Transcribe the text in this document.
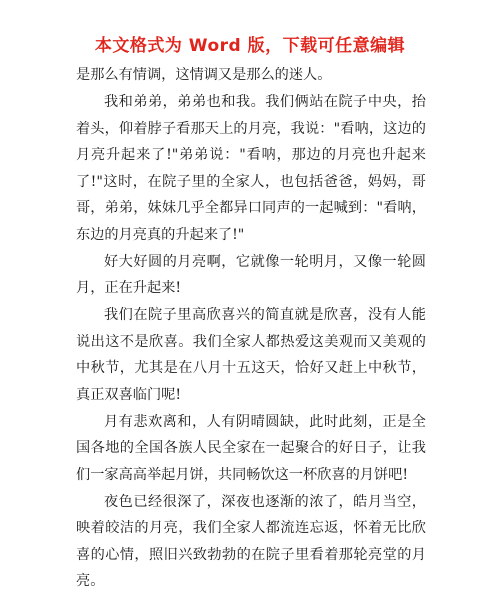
本文格式为 Word 版，下载可任意编辑

是那么有情调，这情调又是那么的迷人。

我和弟弟，弟弟也和我。我们俩站在院子中央，抬着头，仰着脖子看那天上的月亮，我说："看呐，这边的月亮升起来了!"弟弟说："看呐，那边的月亮也升起来了!"这时，在院子里的全家人，也包括爸爸，妈妈，哥哥，弟弟，妹妹几乎全都异口同声的一起喊到："看呐，东边的月亮真的升起来了!"

好大好圆的月亮啊，它就像一轮明月，又像一轮圆月，正在升起来!

我们在院子里高欣喜兴的简直就是欣喜，没有人能说出这不是欣喜。我们全家人都热爱这美观而又美观的中秋节，尤其是在八月十五这天，恰好又赶上中秋节，真正双喜临门呢!

月有悲欢离和，人有阴晴圆缺，此时此刻，正是全国各地的全国各族人民全家在一起聚合的好日子，让我们一家高高举起月饼，共同畅饮这一杯欣喜的月饼吧!

夜色已经很深了，深夜也逐渐的浓了，皓月当空，映着皎洁的月亮，我们全家人都流连忘返，怀着无比欣喜的心情，照旧兴致勃勃的在院子里看着那轮亮堂的月亮。
